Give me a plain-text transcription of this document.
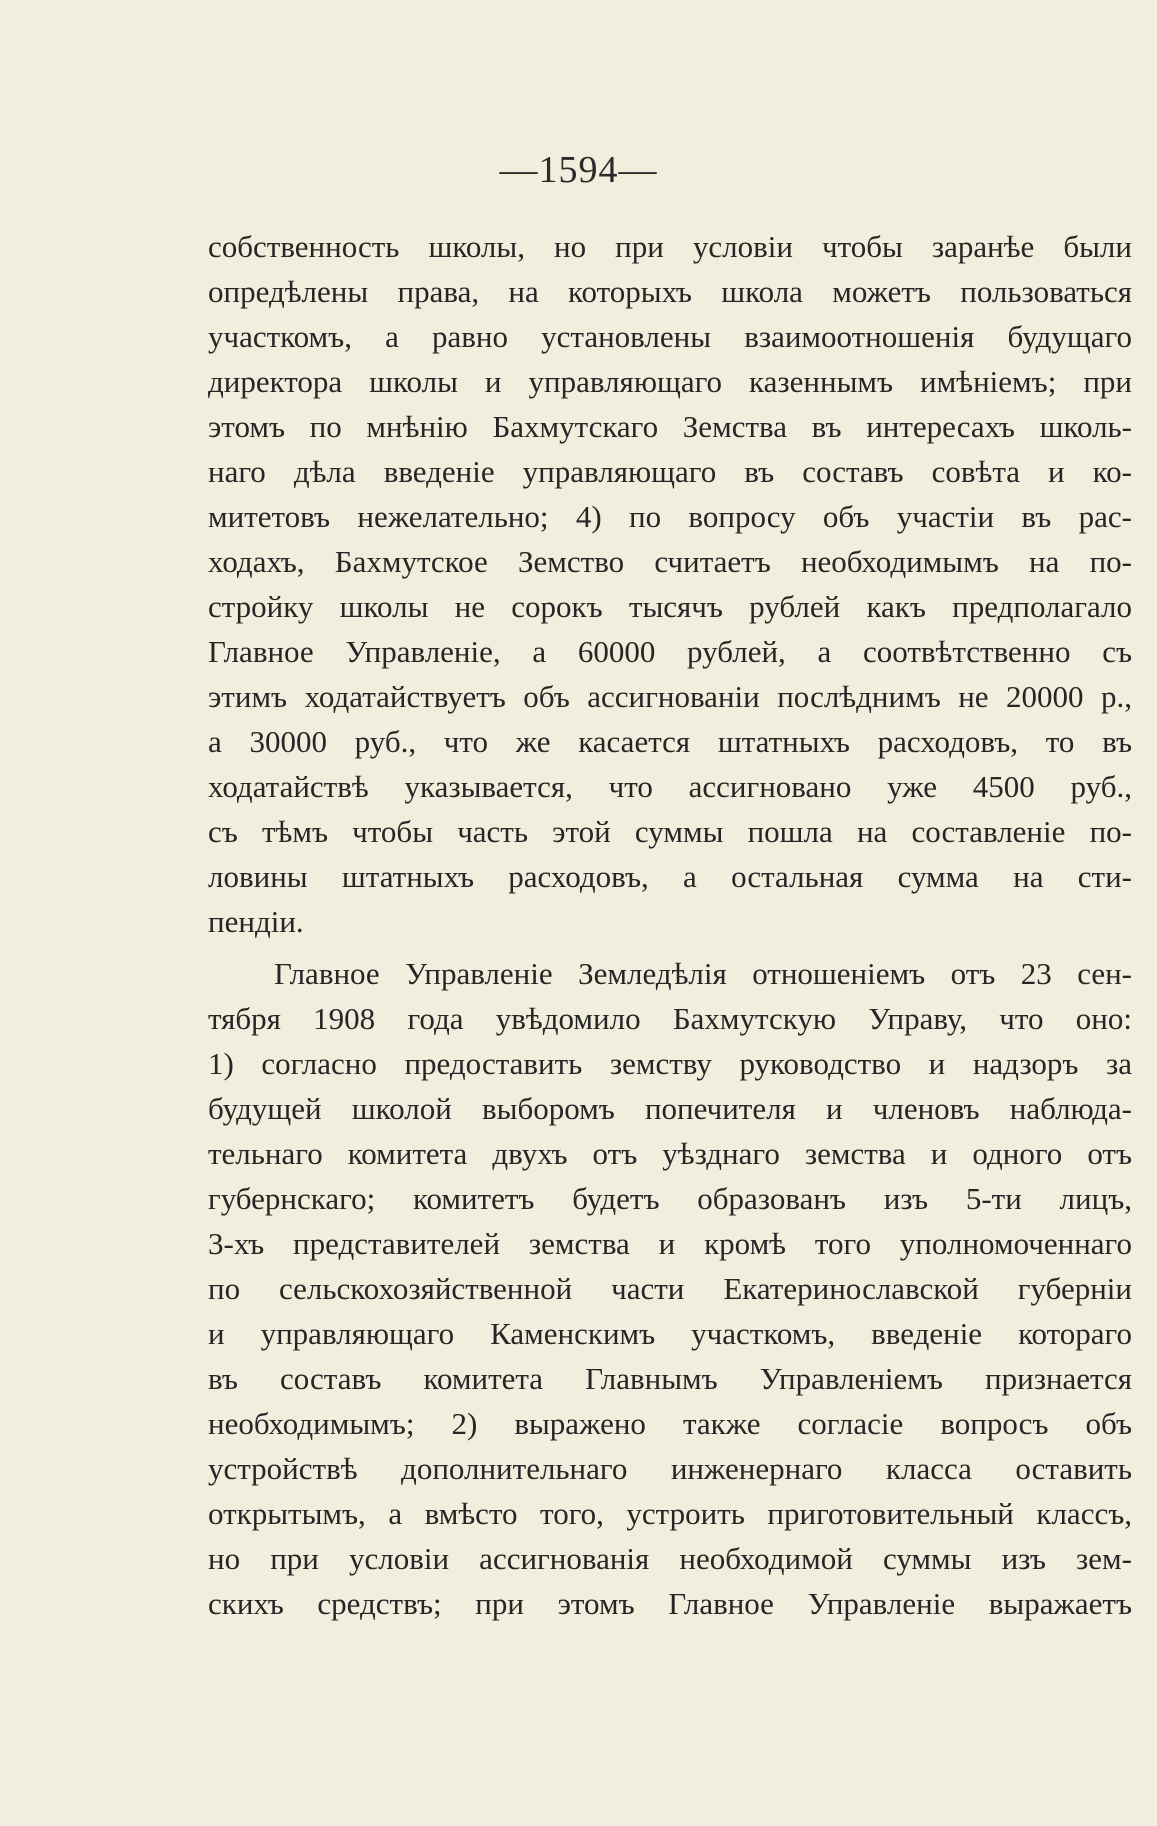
—1594—
собственность школы, но при условіи чтобы заранѣе были
опредѣлены права, на которыхъ школа можетъ пользоваться
участкомъ, а равно установлены взаимоотношенія будущаго
директора школы и управляющаго казеннымъ имѣніемъ; при
этомъ по мнѣнію Бахмутскаго Земства въ интересахъ школь-
наго дѣла введеніе управляющаго въ составъ совѣта и ко-
митетовъ нежелательно; 4) по вопросу объ участіи въ рас-
ходахъ, Бахмутское Земство считаетъ необходимымъ на по-
стройку школы не сорокъ тысячъ рублей какъ предполагало
Главное Управленіе, а 60000 рублей, а соотвѣтственно съ
этимъ ходатайствуетъ объ ассигнованіи послѣднимъ не 20000 р.,
а 30000 руб., что же касается штатныхъ расходовъ, то въ
ходатайствѣ указывается, что ассигновано уже 4500 руб.,
съ тѣмъ чтобы часть этой суммы пошла на составленіе по-
ловины штатныхъ расходовъ, а остальная сумма на сти-
пендіи.
Главное Управленіе Земледѣлія отношеніемъ отъ 23 сен-
тября 1908 года увѣдомило Бахмутскую Управу, что оно:
1) согласно предоставить земству руководство и надзоръ за
будущей школой выборомъ попечителя и членовъ наблюда-
тельнаго комитета двухъ отъ уѣзднаго земства и одного отъ
губернскаго; комитетъ будетъ образованъ изъ 5-ти лицъ,
3-хъ представителей земства и кромѣ того уполномоченнаго
по сельскохозяйственной части Екатеринославской губерніи
и управляющаго Каменскимъ участкомъ, введеніе котораго
въ составъ комитета Главнымъ Управленіемъ признается
необходимымъ; 2) выражено также согласіе вопросъ объ
устройствѣ дополнительнаго инженернаго класса оставить
открытымъ, а вмѣсто того, устроить приготовительный классъ,
но при условіи ассигнованія необходимой суммы изъ зем-
скихъ средствъ; при этомъ Главное Управленіе выражаетъ
